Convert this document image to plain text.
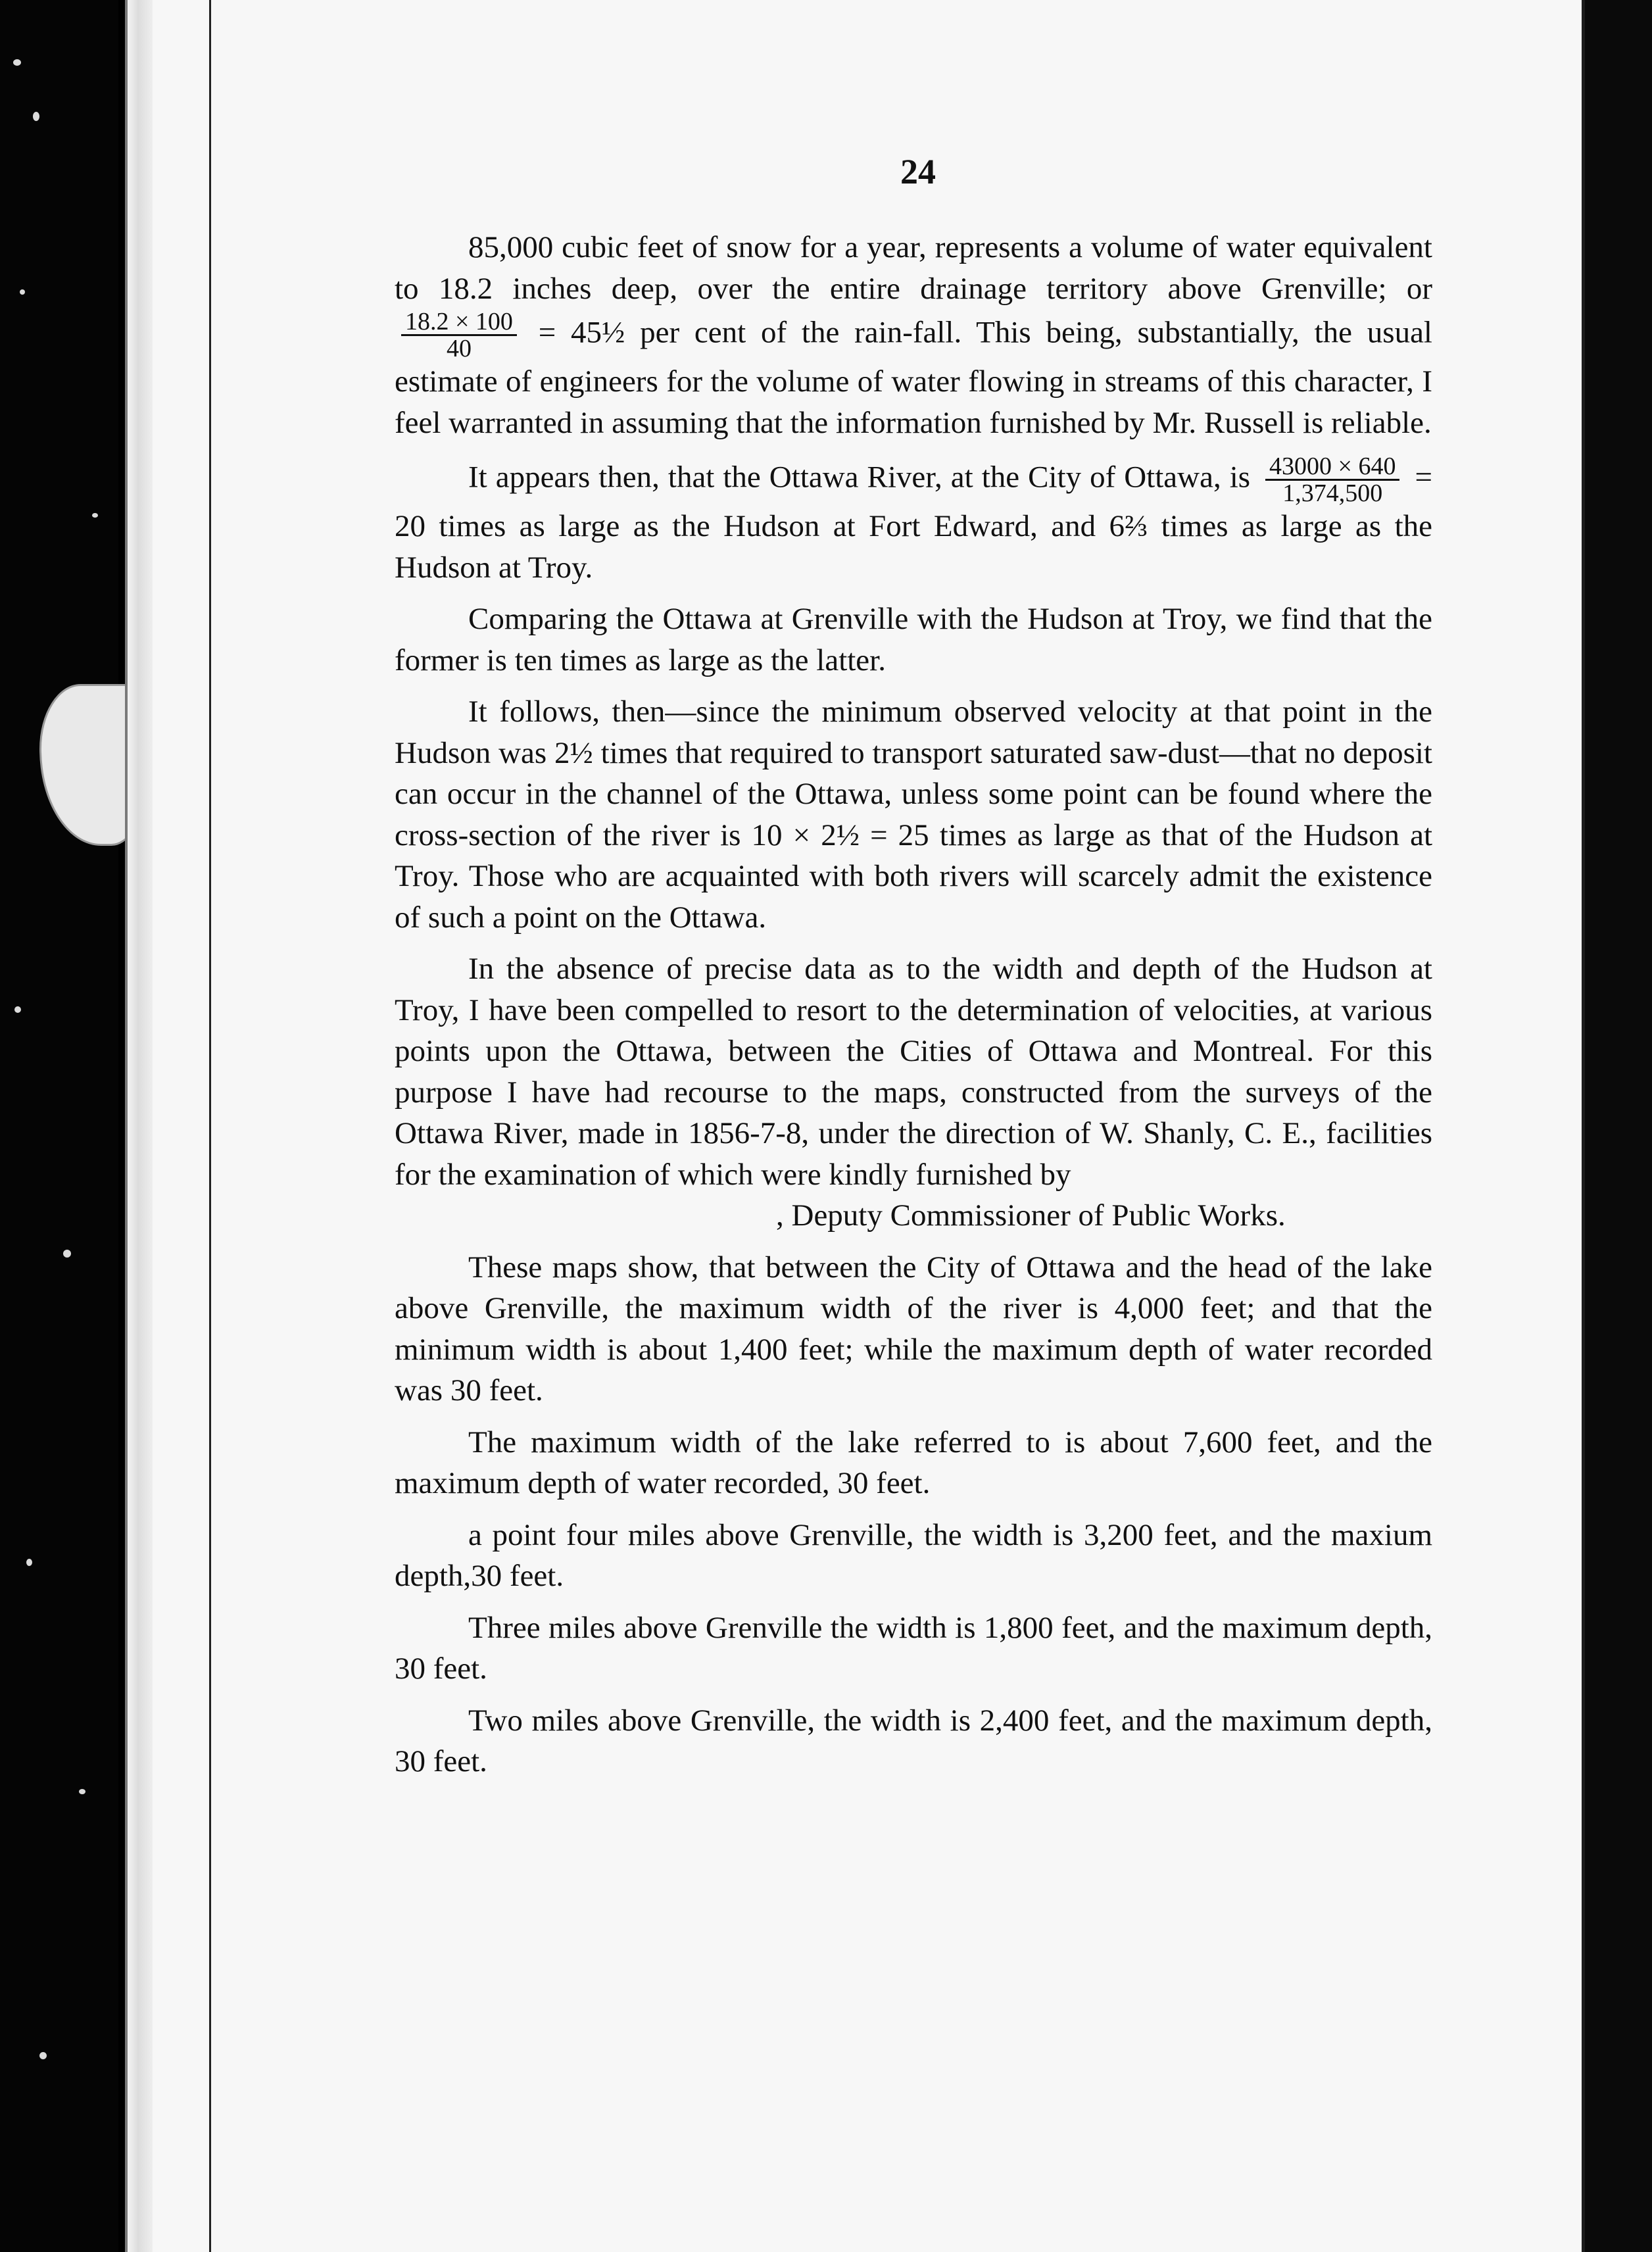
24

85,000 cubic feet of snow for a year, represents a volume of water equivalent to 18.2 inches deep, over the entire drainage territory above Grenville; or
$\frac{18.2 \times 100}{40}$ = 45½ per cent of the rain-fall. This being, substantially, the usual estimate of engineers for the volume of water flowing in streams of this character, I feel warranted in assuming that the information furnished by Mr. Russell is reliable.

It appears then, that the Ottawa River, at the City of Ottawa, is $\frac{43000 \times 640}{1,374,500} = 20$ times as large as the Hudson at Fort Edward, and 6⅔ times as large as the Hudson at Troy.

Comparing the Ottawa at Grenville with the Hudson at Troy, we find that the former is ten times as large as the latter.

It follows, then—since the minimum observed velocity at that point in the Hudson was 2½ times that required to transport saturated saw-dust—that no deposit can occur in the channel of the Ottawa, unless some point can be found where the cross-section of the river is 10 × 2½ = 25 times as large as that of the Hudson at Troy. Those who are acquainted with both rivers will scarcely admit the existence of such a point on the Ottawa.

In the absence of precise data as to the width and depth of the Hudson at Troy, I have been compelled to resort to the determination of velocities, at various points upon the Ottawa, between the Cities of Ottawa and Montreal. For this purpose I have had recourse to the maps, constructed from the surveys of the Ottawa River, made in 1856-7-8, under the direction of W. Shanly, C. E., facilities for the examination of which were kindly furnished by
, Deputy Commissioner of Public Works.

These maps show, that between the City of Ottawa and the head of the lake above Grenville, the maximum width of the river is 4,000 feet; and that the minimum width is about 1,400 feet; while the maximum depth of water recorded was 30 feet.

The maximum width of the lake referred to is about 7,600 feet, and the maximum depth of water recorded, 30 feet.

a point four miles above Grenville, the width is 3,200 feet, and the maxium depth,30 feet.

Three miles above Grenville the width is 1,800 feet, and the maximum depth, 30 feet.

Two miles above Grenville, the width is 2,400 feet, and the maximum depth, 30 feet.
